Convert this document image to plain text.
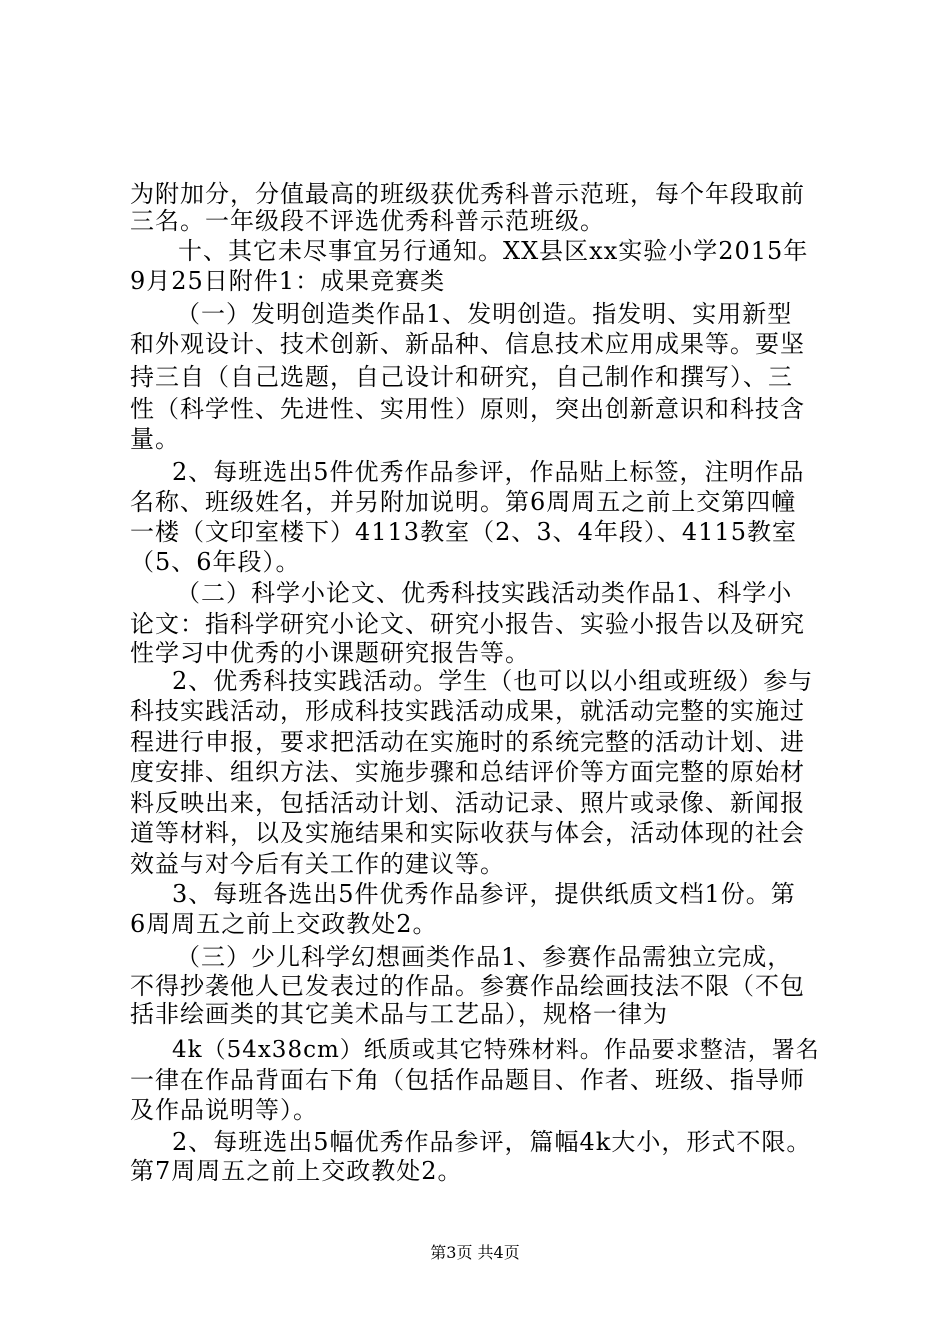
为附加分，分值最高的班级获优秀科普示范班，每个年段取前
三名。一年级段不评选优秀科普示范班级。
十、其它未尽事宜另行通知。XX县区xx实验小学2015年
9月25日附件1：成果竞赛类
（一）发明创造类作品1、发明创造。指发明、实用新型
和外观设计、技术创新、新品种、信息技术应用成果等。要坚
持三自（自己选题，自己设计和研究，自己制作和撰写）、三
性（科学性、先进性、实用性）原则，突出创新意识和科技含
量。
2、每班选出5件优秀作品参评，作品贴上标签，注明作品
名称、班级姓名，并另附加说明。第6周周五之前上交第四幢
一楼（文印室楼下）4113教室（2、3、4年段）、4115教室
（5、6年段）。
（二）科学小论文、优秀科技实践活动类作品1、科学小
论文：指科学研究小论文、研究小报告、实验小报告以及研究
性学习中优秀的小课题研究报告等。
2、优秀科技实践活动。学生（也可以以小组或班级）参与
科技实践活动，形成科技实践活动成果，就活动完整的实施过
程进行申报，要求把活动在实施时的系统完整的活动计划、进
度安排、组织方法、实施步骤和总结评价等方面完整的原始材
料反映出来，包括活动计划、活动记录、照片或录像、新闻报
道等材料，以及实施结果和实际收获与体会，活动体现的社会
效益与对今后有关工作的建议等。
3、每班各选出5件优秀作品参评，提供纸质文档1份。第
6周周五之前上交政教处2。
（三）少儿科学幻想画类作品1、参赛作品需独立完成，
不得抄袭他人已发表过的作品。参赛作品绘画技法不限（不包
括非绘画类的其它美术品与工艺品），规格一律为
4k（54x38cm）纸质或其它特殊材料。作品要求整洁，署名
一律在作品背面右下角（包括作品题目、作者、班级、指导师
及作品说明等）。
2、每班选出5幅优秀作品参评，篇幅4k大小，形式不限。
第7周周五之前上交政教处2。
第3页 共4页
